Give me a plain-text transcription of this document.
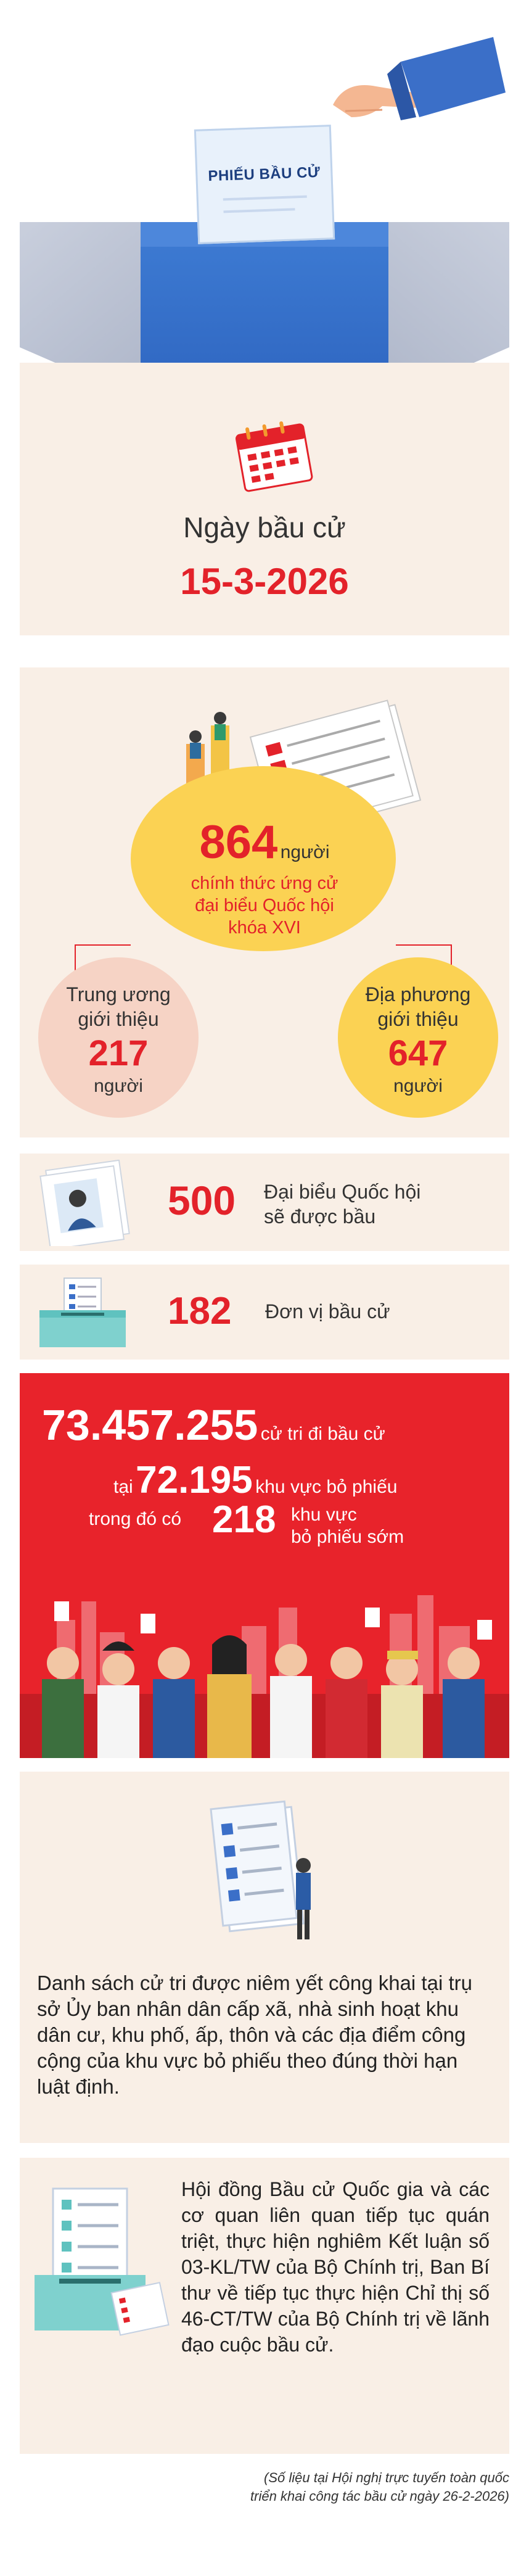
PHIẾU BẦU CỬ
Ngày bầu cử
15-3-2026
864 người
chính thức ứng cử
đại biểu Quốc hội
khóa XVI
Trung ương
giới thiệu
217
người
Địa phương
giới thiệu
647
người
500 Đại biểu Quốc hội
sẽ được bầu
182 Đơn vị bầu cử
73.457.255 cử tri đi bầu cử
tại 72.195 khu vực bỏ phiếu
trong đó có 218 khu vực
bỏ phiếu sớm
Danh sách cử tri được niêm yết công khai tại trụ sở Ủy ban nhân dân cấp xã, nhà sinh hoạt khu dân cư, khu phố, ấp, thôn và các địa điểm công cộng của khu vực bỏ phiếu theo đúng thời hạn luật định.
Hội đồng Bầu cử Quốc gia và các cơ quan liên quan tiếp tục quán triệt, thực hiện nghiêm Kết luận số 03-KL/TW của Bộ Chính trị, Ban Bí thư về tiếp tục thực hiện Chỉ thị số 46-CT/TW của Bộ Chính trị về lãnh đạo cuộc bầu cử.
(Số liệu tại Hội nghị trực tuyến toàn quốc
triển khai công tác bầu cử ngày 26-2-2026)
